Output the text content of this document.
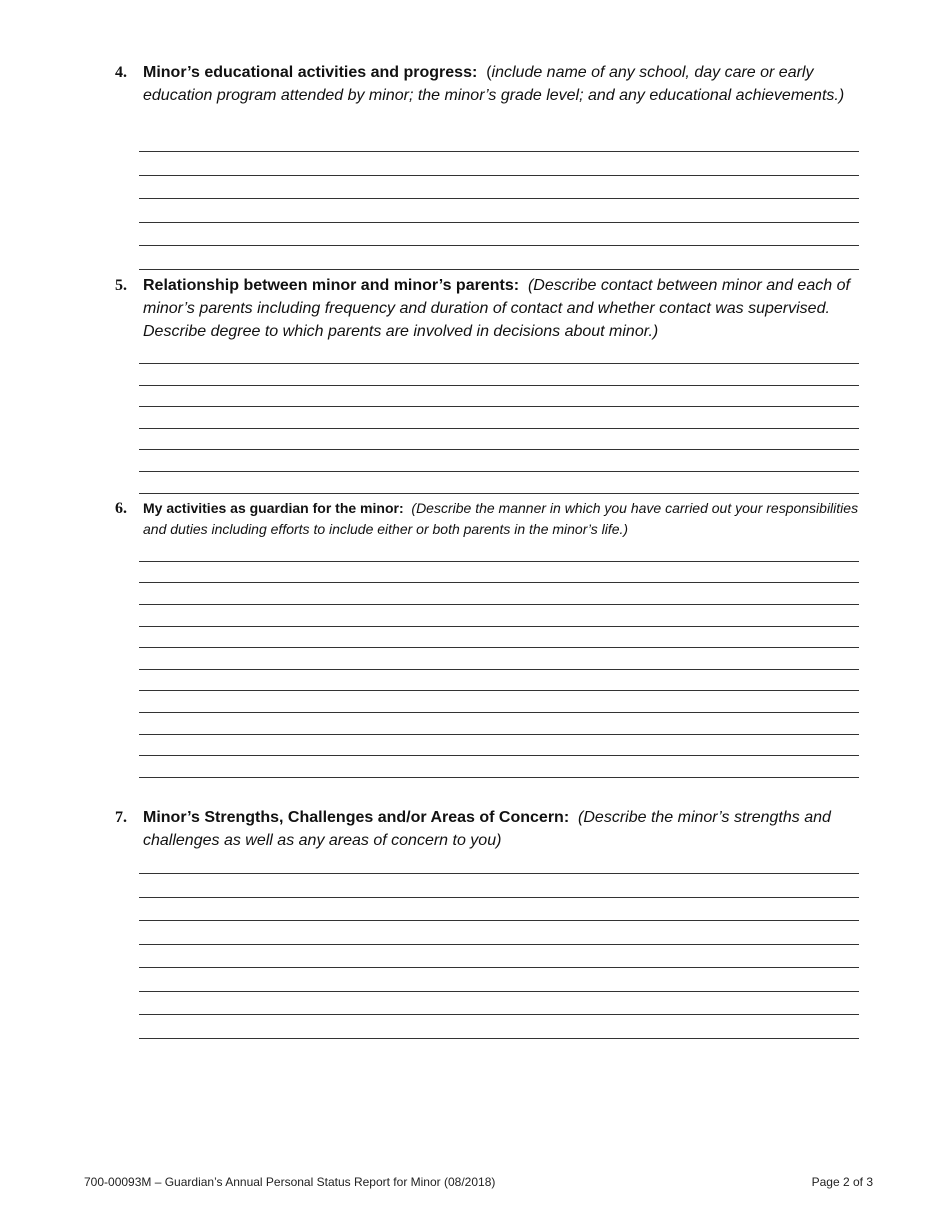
4. Minor’s educational activities and progress: (include name of any school, day care or early education program attended by minor; the minor’s grade level; and any educational achievements.)
5. Relationship between minor and minor’s parents: (Describe contact between minor and each of minor’s parents including frequency and duration of contact and whether contact was supervised. Describe degree to which parents are involved in decisions about minor.)
6. My activities as guardian for the minor: (Describe the manner in which you have carried out your responsibilities and duties including efforts to include either or both parents in the minor’s life.)
7. Minor’s Strengths, Challenges and/or Areas of Concern: (Describe the minor’s strengths and challenges as well as any areas of concern to you)
700-00093M – Guardian’s Annual Personal Status Report for Minor (08/2018)	Page 2 of 3
